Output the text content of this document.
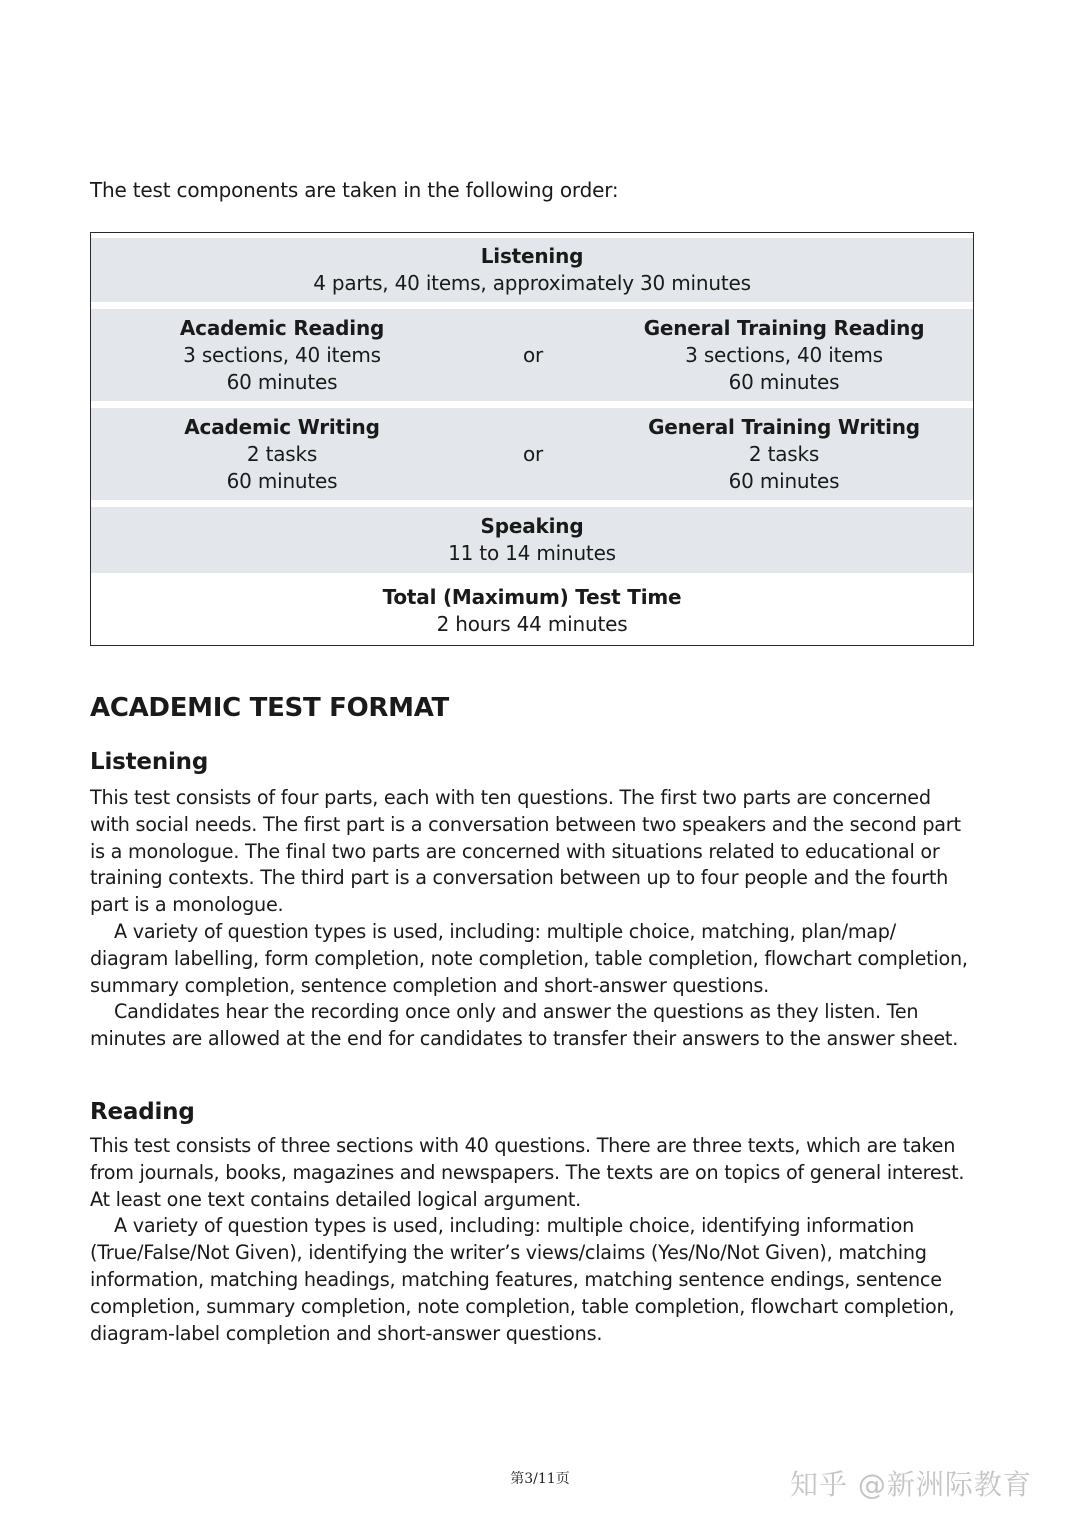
The test components are taken in the following order:
Listening
4 parts, 40 items, approximately 30 minutes
Academic Reading
3 sections, 40 items
60 minutes
or
General Training Reading
3 sections, 40 items
60 minutes
Academic Writing
2 tasks
60 minutes
or
General Training Writing
2 tasks
60 minutes
Speaking
11 to 14 minutes
Total (Maximum) Test Time
2 hours 44 minutes
ACADEMIC TEST FORMAT
Listening

This test consists of four parts, each with ten questions. The first two parts are concerned with social needs. The first part is a conversation between two speakers and the second part is a monologue. The final two parts are concerned with situations related to educational or training contexts. The third part is a conversation between up to four people and the fourth part is a monologue.

A variety of question types is used, including: multiple choice, matching, plan/map/ diagram labelling, form completion, note completion, table completion, flowchart completion, summary completion, sentence completion and short-answer questions.

Candidates hear the recording once only and answer the questions as they listen. Ten minutes are allowed at the end for candidates to transfer their answers to the answer sheet.

Reading

This test consists of three sections with 40 questions. There are three texts, which are taken from journals, books, magazines and newspapers. The texts are on topics of general interest. At least one text contains detailed logical argument.

A variety of question types is used, including: multiple choice, identifying information (True/False/Not Given), identifying the writer’s views/claims (Yes/No/Not Given), matching information, matching headings, matching features, matching sentence endings, sentence completion, summary completion, note completion, table completion, flowchart completion, diagram-label completion and short-answer questions.

第3/11页	知乎 @新洲际教育
